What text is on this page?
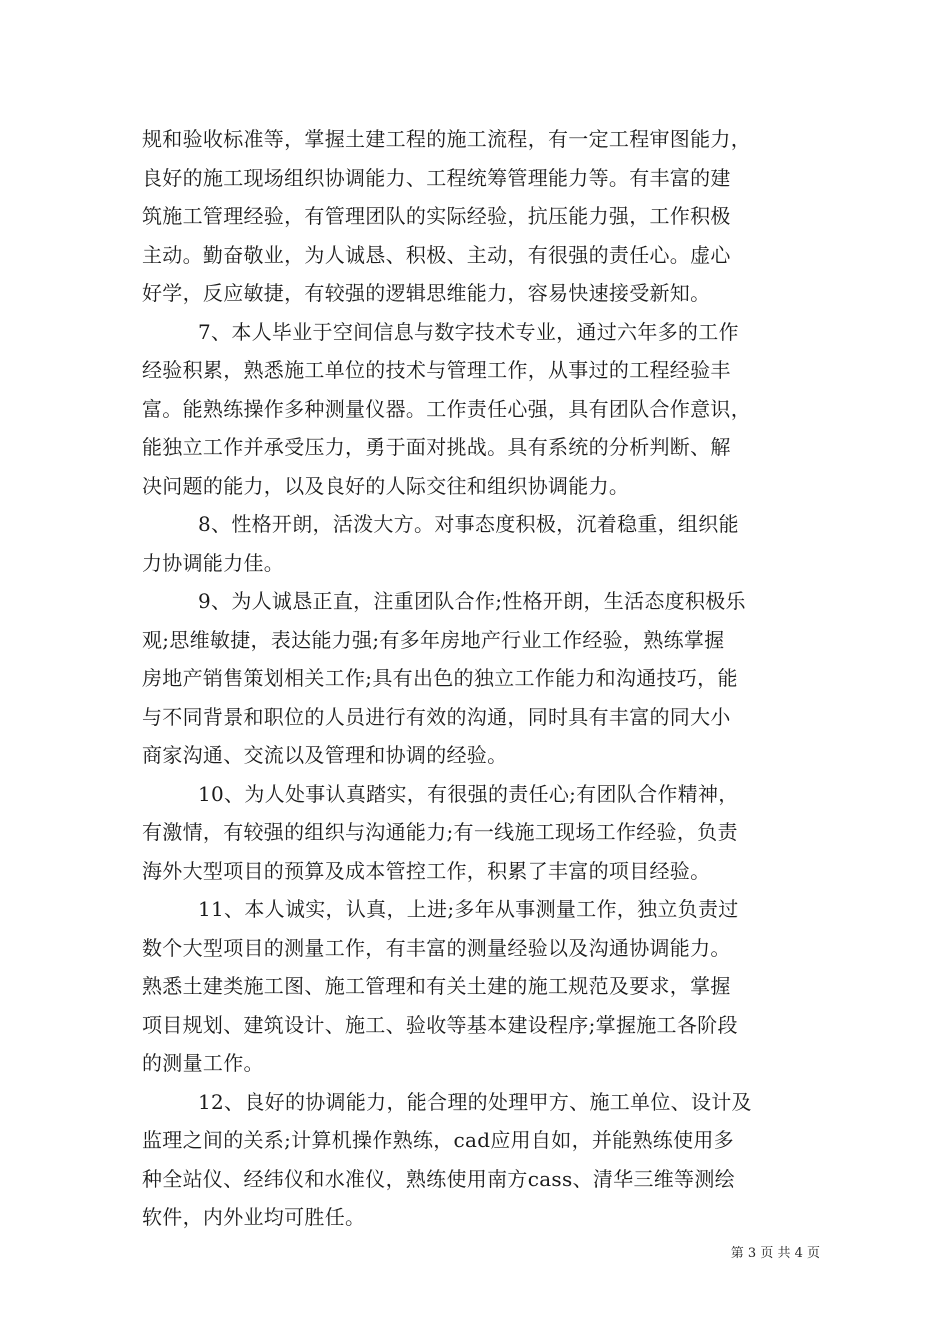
规和验收标准等，掌握土建工程的施工流程，有一定工程审图能力，
良好的施工现场组织协调能力、工程统筹管理能力等。有丰富的建
筑施工管理经验，有管理团队的实际经验，抗压能力强，工作积极
主动。勤奋敬业，为人诚恳、积极、主动，有很强的责任心。虚心
好学，反应敏捷，有较强的逻辑思维能力，容易快速接受新知。

7、本人毕业于空间信息与数字技术专业，通过六年多的工作
经验积累，熟悉施工单位的技术与管理工作，从事过的工程经验丰
富。能熟练操作多种测量仪器。工作责任心强，具有团队合作意识，
能独立工作并承受压力，勇于面对挑战。具有系统的分析判断、解
决问题的能力，以及良好的人际交往和组织协调能力。

8、性格开朗，活泼大方。对事态度积极，沉着稳重，组织能
力协调能力佳。

9、为人诚恳正直，注重团队合作;性格开朗，生活态度积极乐
观;思维敏捷，表达能力强;有多年房地产行业工作经验，熟练掌握
房地产销售策划相关工作;具有出色的独立工作能力和沟通技巧，能
与不同背景和职位的人员进行有效的沟通，同时具有丰富的同大小
商家沟通、交流以及管理和协调的经验。

10、为人处事认真踏实，有很强的责任心;有团队合作精神，
有激情，有较强的组织与沟通能力;有一线施工现场工作经验，负责
海外大型项目的预算及成本管控工作，积累了丰富的项目经验。

11、本人诚实，认真，上进;多年从事测量工作，独立负责过
数个大型项目的测量工作，有丰富的测量经验以及沟通协调能力。
熟悉土建类施工图、施工管理和有关土建的施工规范及要求，掌握
项目规划、建筑设计、施工、验收等基本建设程序;掌握施工各阶段
的测量工作。

12、良好的协调能力，能合理的处理甲方、施工单位、设计及
监理之间的关系;计算机操作熟练，cad应用自如，并能熟练使用多
种全站仪、经纬仪和水准仪，熟练使用南方cass、清华三维等测绘
软件，内外业均可胜任。

第 3 页 共 4 页
